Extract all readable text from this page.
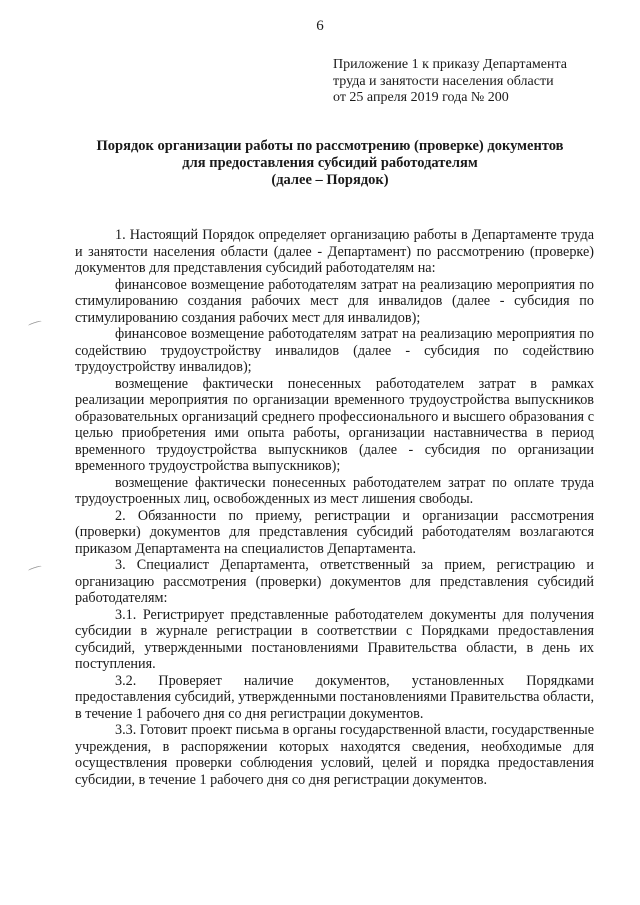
6
Приложение 1 к приказу Департамента
труда и занятости населения области
от 25 апреля 2019 года № 200
Порядок организации работы по рассмотрению (проверке) документов
для предоставления субсидий работодателям
(далее – Порядок)

1. Настоящий Порядок определяет организацию работы в Департаменте труда и занятости населения области (далее - Департамент) по рассмотрению (проверке) документов для представления субсидий работодателям на:

финансовое возмещение работодателям затрат на реализацию мероприятия по стимулированию создания рабочих мест для инвалидов (далее - субсидия по стимулированию создания рабочих мест для инвалидов);

финансовое возмещение работодателям затрат на реализацию мероприятия по содействию трудоустройству инвалидов (далее - субсидия по содействию трудоустройству инвалидов);

возмещение фактически понесенных работодателем затрат в рамках реализации мероприятия по организации временного трудоустройства выпускников образовательных организаций среднего профессионального и высшего образования с целью приобретения ими опыта работы, организации наставничества в период временного трудоустройства выпускников (далее - субсидия по организации временного трудоустройства выпускников);

возмещение фактически понесенных работодателем затрат по оплате труда трудоустроенных лиц, освобожденных из мест лишения свободы.

2. Обязанности по приему, регистрации и организации рассмотрения (проверки) документов для представления субсидий работодателям возлагаются приказом Департамента на специалистов Департамента.

3. Специалист Департамента, ответственный за прием, регистрацию и организацию рассмотрения (проверки) документов для представления субсидий работодателям:

3.1. Регистрирует представленные работодателем документы для получения субсидии в журнале регистрации в соответствии с Порядками предоставления субсидий, утвержденными постановлениями Правительства области, в день их поступления.

3.2. Проверяет наличие документов, установленных Порядками предоставления субсидий, утвержденными постановлениями Правительства области, в течение 1 рабочего дня со дня регистрации документов.

3.3. Готовит проект письма в органы государственной власти, государственные учреждения, в распоряжении которых находятся сведения, необходимые для осуществления проверки соблюдения условий, целей и порядка предоставления субсидии, в течение 1 рабочего дня со дня регистрации документов.
